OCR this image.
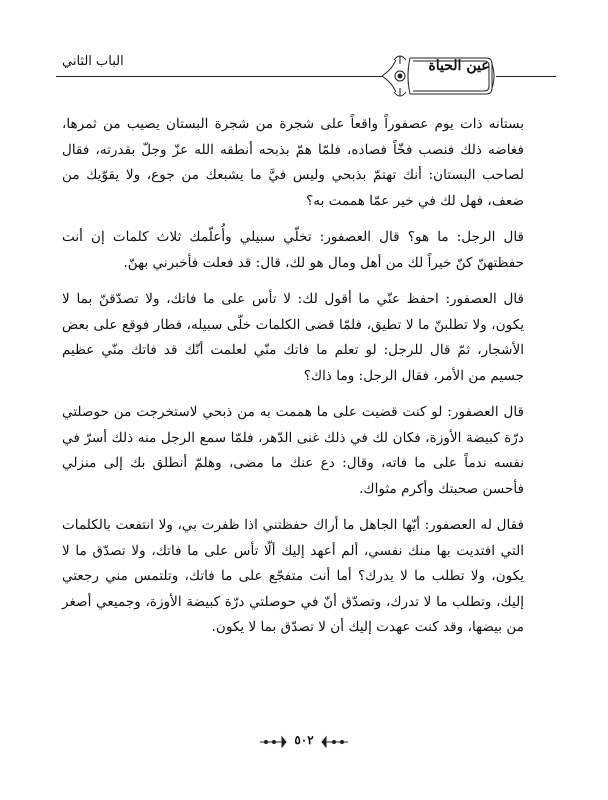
الباب الثاني	عين الحياة

بستانه ذات يوم عصفوراً واقعاً على شجرة من شجرة البستان يصيب من ثمرها، فغاضه ذلك فنصب فخّاً فصاده، فلمّا همّ بذبحه أنطقه الله عزّ وجلّ بقدرته، فقال لصاحب البستان: أنك تهتمّ بذبحي وليس فيَّ ما يشبعك من جوع، ولا يقوّيك من ضعف، فهل لك في خير عمّا هممت به؟

قال الرجل: ما هو؟ قال العصفور: تخلّي سبيلي وأُعلّمك ثلاث كلمات إن أنت حفظتهنّ كنّ خيراً لك من أهل ومال هو لك، قال: قد فعلت فأخبرني بهنّ.

قال العصفور: احفظ عنّي ما أقول لك: لا تأس على ما فاتك، ولا تصدّقنّ بما لا يكون، ولا تطلبنّ ما لا تطيق، فلمّا قضى الكلمات خلّى سبيله، فطار فوقع على بعض الأشجار، ثمّ قال للرجل: لو تعلم ما فاتك منّي لعلمت أنّك قد فاتك منّي عظيم جسيم من الأمر، فقال الرجل: وما ذاك؟

قال العصفور: لو كنت قضيت على ما هممت به من ذبحي لاستخرجت من حوصلتي درّة كبيضة الأوزة، فكان لك في ذلك غنى الدّهر، فلمّا سمع الرجل منه ذلك أسرّ في نفسه ندماً على ما فاته، وقال: دع عنك ما مضى، وهلمّ أنطلق بك إلى منزلي فأحسن صحبتك وأكرم مثواك.

فقال له العصفور: أيّها الجاهل ما أراك حفظتني اذا ظفرت بي، ولا انتفعت بالكلمات التي افتديت بها منك نفسي، ألم أعهد إليك ألّا تأس على ما فاتك، ولا تصدّق ما لا يكون، ولا تطلب ما لا يدرك؟ أما أنت متفجّع على ما فاتك، وتلتمس مني رجعتي إليك، وتطلب ما لا تدرك، وتصدّق أنّ في حوصلتي درّة كبيضة الأوزة، وجميعي أصغر من بيضها، وقد كنت عهدت إليك أن لا تصدّق بما لا يكون.

٥٠٢
